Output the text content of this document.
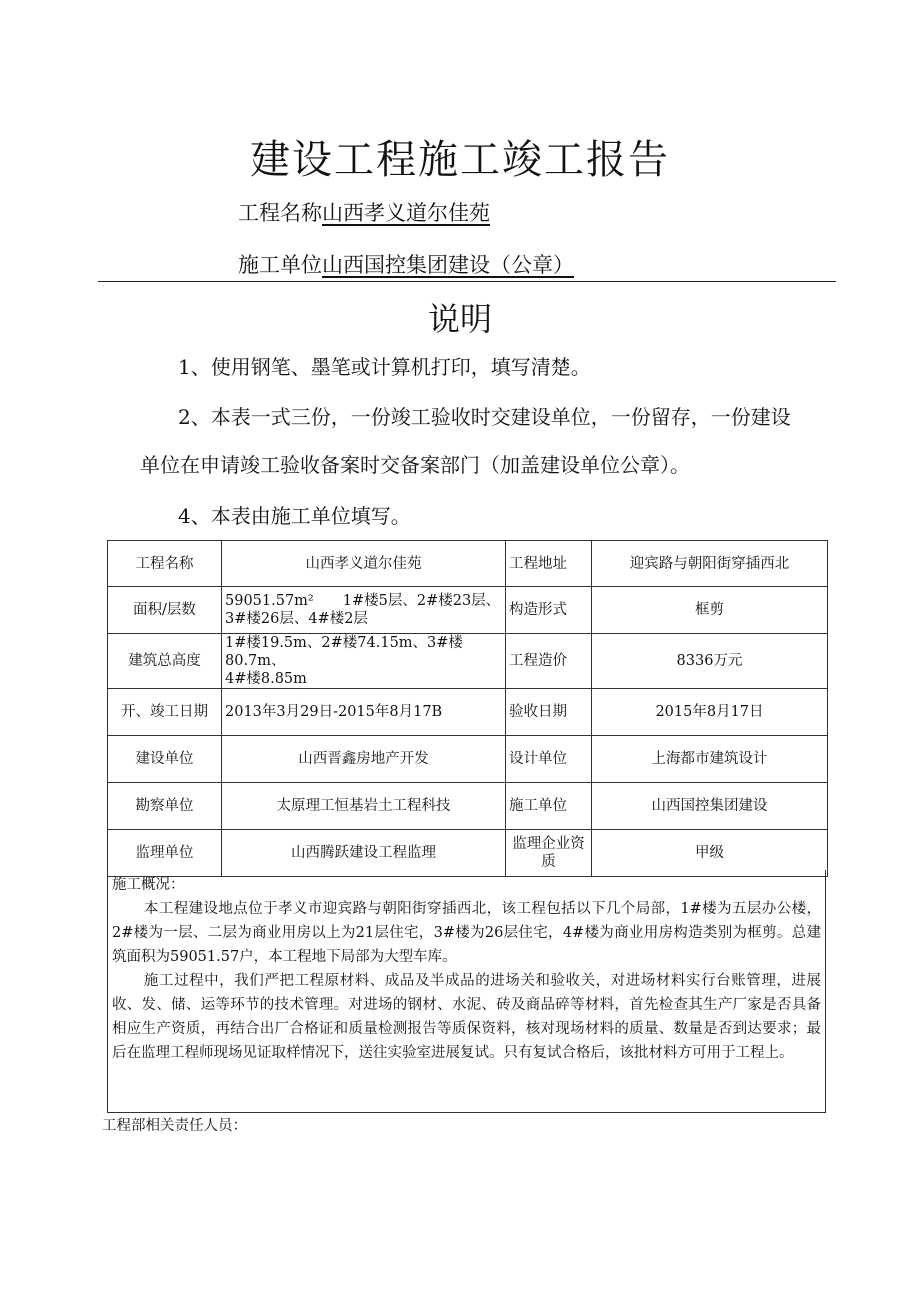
建设工程施工竣工报告
工程名称山西孝义道尔佳苑
施工单位山西国控集团建设（公章）
说明
1、使用钢笔、墨笔或计算机打印，填写清楚。
2、本表一式三份，一份竣工验收时交建设单位，一份留存，一份建设
单位在申请竣工验收备案时交备案部门（加盖建设单位公章）。
4、本表由施工单位填写。
工程名称	山西孝义道尔佳苑	工程地址	迎宾路与朝阳街穿插西北
面积/层数	59051.57m²　　1#楼5层、2#楼23层、
3#楼26层、4#楼2层	构造形式	框剪
建筑总高度	1#楼19.5m、2#楼74.15m、3#楼80.7m、
4#楼8.85m	工程造价	8336万元
开、竣工日期	2013年3月29日-2015年8月17B	验收日期	2015年8月17日
建设单位	山西晋鑫房地产开发	设计单位	上海都市建筑设计
勘察单位	太原理工恒基岩土工程科技	施工单位	山西国控集团建设
监理单位	山西腾跃建设工程监理	监理企业资
质	甲级
施工概况：

本工程建设地点位于孝义市迎宾路与朝阳街穿插西北，该工程包括以下几个局部，1#楼为五层办公楼，2#楼为一层、二层为商业用房以上为21层住宅，3#楼为26层住宅，4#楼为商业用房构造类别为框剪。总建筑面积为59051.57户，本工程地下局部为大型车库。

施工过程中，我们严把工程原材料、成品及半成品的进场关和验收关，对进场材料实行台账管理，进展收、发、储、运等环节的技术管理。对进场的钢材、水泥、砖及商品碎等材料，首先检查其生产厂家是否具备相应生产资质，再结合出厂合格证和质量检测报告等质保资料，核对现场材料的质量、数量是否到达要求；最后在监理工程师现场见证取样情况下，送往实验室进展复试。只有复试合格后，该批材料方可用于工程上。

工程部相关责任人员：
